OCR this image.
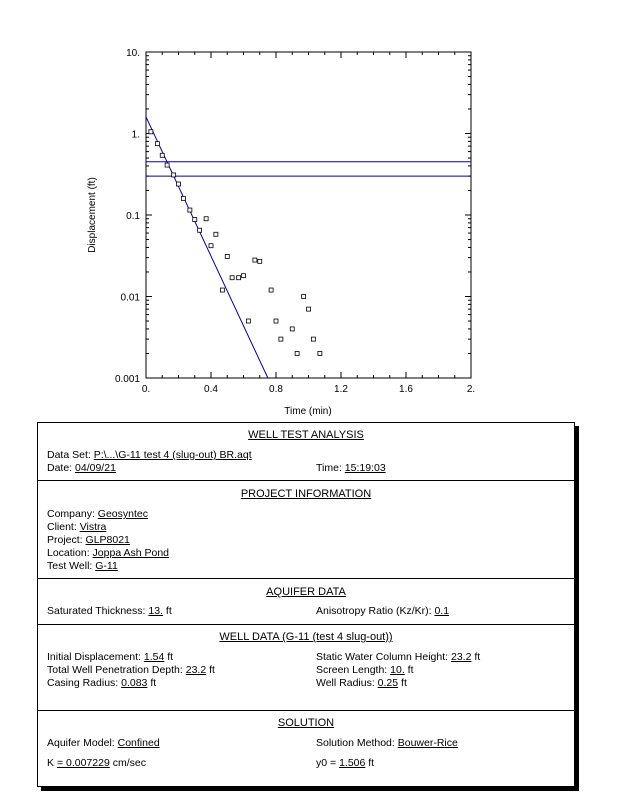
0.001
0.01
0.1
1.
10.
0.	0.4	0.8	1.2	1.6	2.
Time (min)
Displacement (ft)
WELL TEST ANALYSIS
Data Set: P:\...\G-11 test 4 (slug-out) BR.aqt
Date: 04/09/21	Time: 15:19:03
PROJECT INFORMATION
Company: Geosyntec
Client: Vistra
Project: GLP8021
Location: Joppa Ash Pond
Test Well: G-11
AQUIFER DATA
Saturated Thickness: 13. ft	Anisotropy Ratio (Kz/Kr): 0.1
WELL DATA (G-11 (test 4 slug-out))
Initial Displacement: 1.54 ft	Static Water Column Height: 23.2 ft
Total Well Penetration Depth: 23.2 ft	Screen Length: 10. ft
Casing Radius: 0.083 ft	Well Radius: 0.25 ft
SOLUTION
Aquifer Model: Confined	Solution Method: Bouwer-Rice
K = 0.007229 cm/sec	y0 = 1.506 ft
